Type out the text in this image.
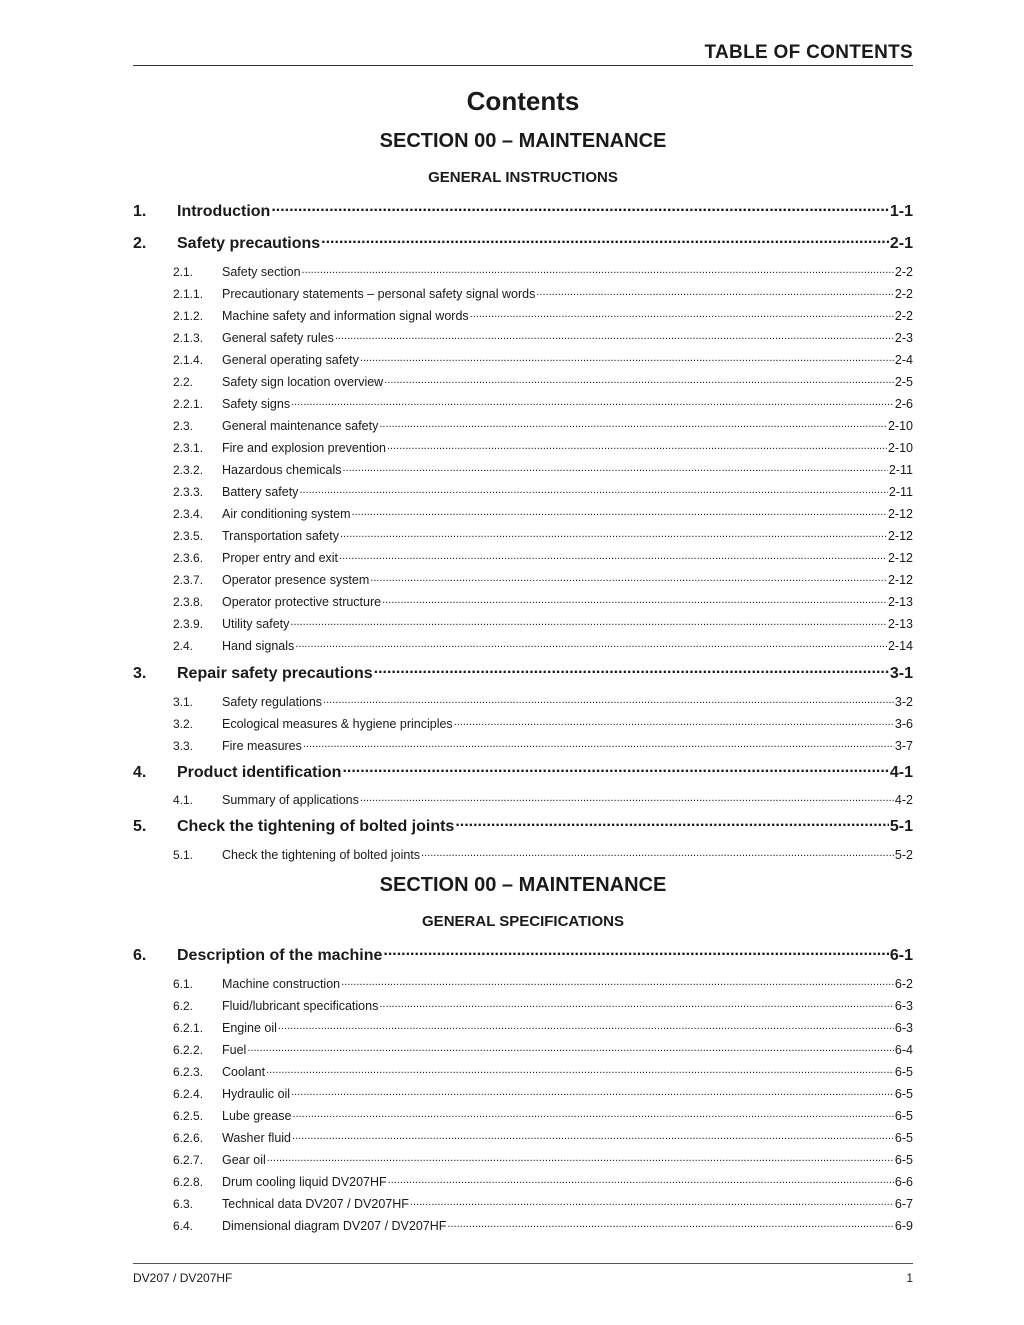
TABLE OF CONTENTS
Contents
SECTION 00 – MAINTENANCE
GENERAL INSTRUCTIONS
SECTION 00 – MAINTENANCE
GENERAL SPECIFICATIONS
1.	Introduction .....	1-1
2.	Safety precautions .....	2-1
2.1.	Safety section .....	2-2
2.1.1.	Precautionary statements – personal safety signal words .....	2-2
2.1.2.	Machine safety and information signal words .....	2-2
2.1.3.	General safety rules .....	2-3
2.1.4.	General operating safety .....	2-4
2.2.	Safety sign location overview .....	2-5
2.2.1.	Safety signs .....	2-6
2.3.	General maintenance safety .....	2-10
2.3.1.	Fire and explosion prevention .....	2-10
2.3.2.	Hazardous chemicals .....	2-11
2.3.3.	Battery safety .....	2-11
2.3.4.	Air conditioning system .....	2-12
2.3.5.	Transportation safety .....	2-12
2.3.6.	Proper entry and exit .....	2-12
2.3.7.	Operator presence system .....	2-12
2.3.8.	Operator protective structure .....	2-13
2.3.9.	Utility safety .....	2-13
2.4.	Hand signals .....	2-14
3.	Repair safety precautions .....	3-1
3.1.	Safety regulations .....	3-2
3.2.	Ecological measures & hygiene principles .....	3-6
3.3.	Fire measures .....	3-7
4.	Product identification .....	4-1
4.1.	Summary of applications .....	4-2
5.	Check the tightening of bolted joints .....	5-1
5.1.	Check the tightening of bolted joints .....	5-2
6.	Description of the machine .....	6-1
6.1.	Machine construction .....	6-2
6.2.	Fluid/lubricant specifications .....	6-3
6.2.1.	Engine oil .....	6-3
6.2.2.	Fuel .....	6-4
6.2.3.	Coolant .....	6-5
6.2.4.	Hydraulic oil .....	6-5
6.2.5.	Lube grease .....	6-5
6.2.6.	Washer fluid .....	6-5
6.2.7.	Gear oil .....	6-5
6.2.8.	Drum cooling liquid DV207HF .....	6-6
6.3.	Technical data DV207 / DV207HF .....	6-7
6.4.	Dimensional diagram DV207 / DV207HF .....	6-9
DV207 / DV207HF	1
